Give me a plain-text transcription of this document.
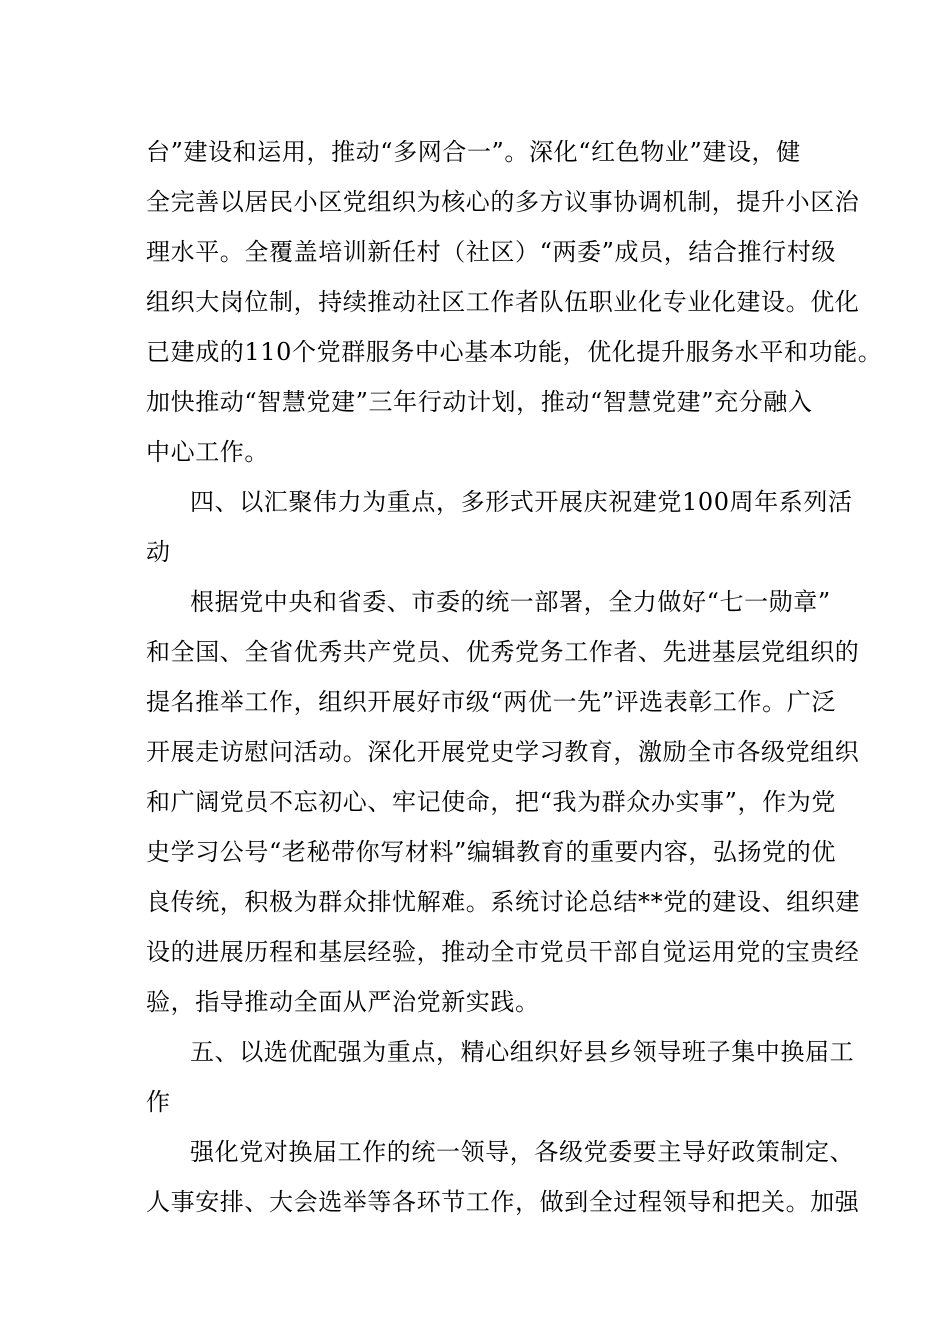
台”建设和运用，推动“多网合一”。深化“红色物业”建设，健
全完善以居民小区党组织为核心的多方议事协调机制，提升小区治
理水平。全覆盖培训新任村（社区）“两委”成员，结合推行村级
组织大岗位制，持续推动社区工作者队伍职业化专业化建设。优化
已建成的110个党群服务中心基本功能，优化提升服务水平和功能。
加快推动“智慧党建”三年行动计划，推动“智慧党建”充分融入
中心工作。
四、以汇聚伟力为重点，多形式开展庆祝建党100周年系列活
动
根据党中央和省委、市委的统一部署，全力做好“七一勋章”
和全国、全省优秀共产党员、优秀党务工作者、先进基层党组织的
提名推举工作，组织开展好市级“两优一先”评选表彰工作。广泛
开展走访慰问活动。深化开展党史学习教育，激励全市各级党组织
和广阔党员不忘初心、牢记使命，把“我为群众办实事”，作为党
史学习公号“老秘带你写材料”编辑教育的重要内容，弘扬党的优
良传统，积极为群众排忧解难。系统讨论总结**党的建设、组织建
设的进展历程和基层经验，推动全市党员干部自觉运用党的宝贵经
验，指导推动全面从严治党新实践。
五、以选优配强为重点，精心组织好县乡领导班子集中换届工
作
强化党对换届工作的统一领导，各级党委要主导好政策制定、
人事安排、大会选举等各环节工作，做到全过程领导和把关。加强
